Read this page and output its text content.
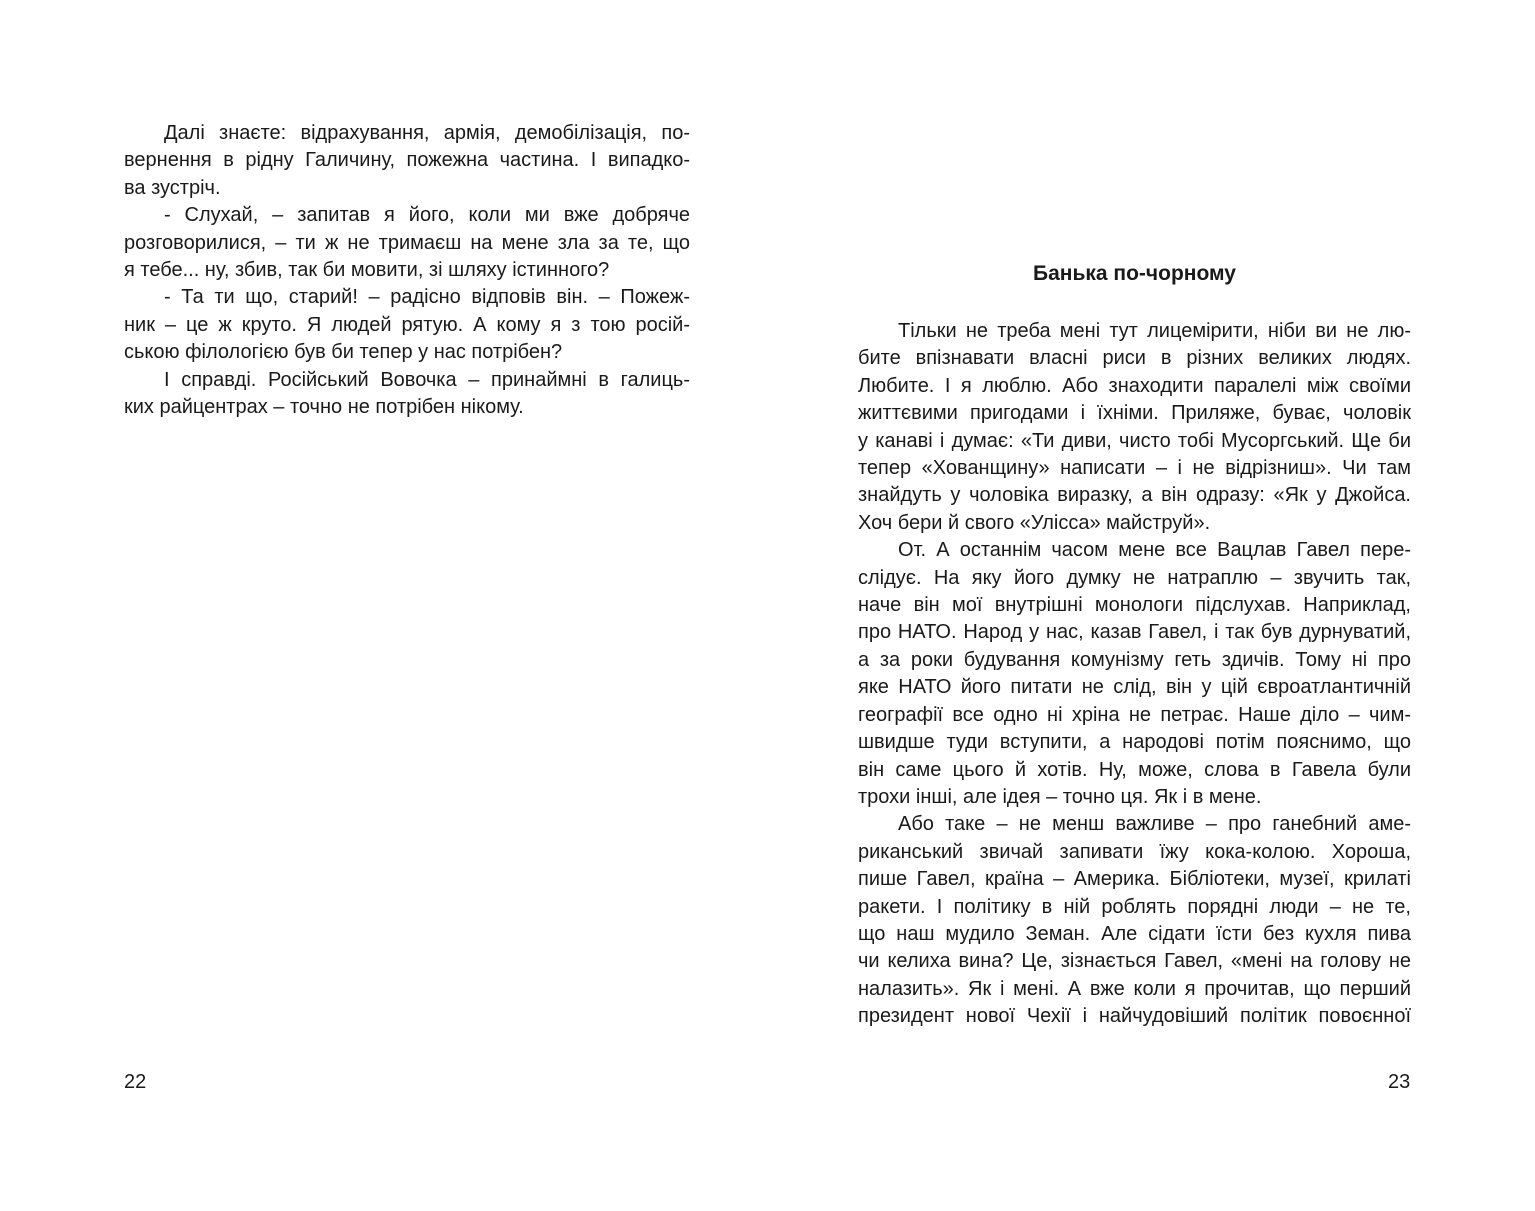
Далі знаєте: відрахування, армія, демобілізація, по-
вернення в рідну Галичину, пожежна частина. І випадко-
ва зустріч.

- Слухай, – запитав я його, коли ми вже добряче
розговорилися, – ти ж не тримаєш на мене зла за те, що
я тебе... ну, збив, так би мовити, зі шляху істинного?

- Та ти що, старий! – радісно відповів він. – Пожеж-
ник – це ж круто. Я людей рятую. А кому я з тою росій-
ською філологією був би тепер у нас потрібен?

І справді. Російський Вовочка – принаймні в галиць-
ких райцентрах – точно не потрібен нікому.

22

Банька по-чорному

Тільки не треба мені тут лицемірити, ніби ви не лю-
бите впізнавати власні риси в різних великих людях.
Любите. І я люблю. Або знаходити паралелі між своїми
життєвими пригодами і їхніми. Приляже, буває, чоловік
у канаві і думає: «Ти диви, чисто тобі Мусоргський. Ще би
тепер «Хованщину» написати – і не відрізниш». Чи там
знайдуть у чоловіка виразку, а він одразу: «Як у Джойса.
Хоч бери й свого «Улісса» майструй».

От. А останнім часом мене все Вацлав Гавел пере-
слідує. На яку його думку не натраплю – звучить так,
наче він мої внутрішні монологи підслухав. Наприклад,
про НАТО. Народ у нас, казав Гавел, і так був дурнуватий,
а за роки будування комунізму геть здичів. Тому ні про
яке НАТО його питати не слід, він у цій євроатлантичній
географії все одно ні хріна не петрає. Наше діло – чим-
швидше туди вступити, а народові потім пояснимо, що
він саме цього й хотів. Ну, може, слова в Гавела були
трохи інші, але ідея – точно ця. Як і в мене.

Або таке – не менш важливе – про ганебний аме-
риканський звичай запивати їжу кока-колою. Хороша,
пише Гавел, країна – Америка. Бібліотеки, музеї, крилаті
ракети. І політику в ній роблять порядні люди – не те,
що наш мудило Земан. Але сідати їсти без кухля пива
чи келиха вина? Це, зізнається Гавел, «мені на голову не
налазить». Як і мені. А вже коли я прочитав, що перший
президент нової Чехії і найчудовіший політик повоєнної

23
